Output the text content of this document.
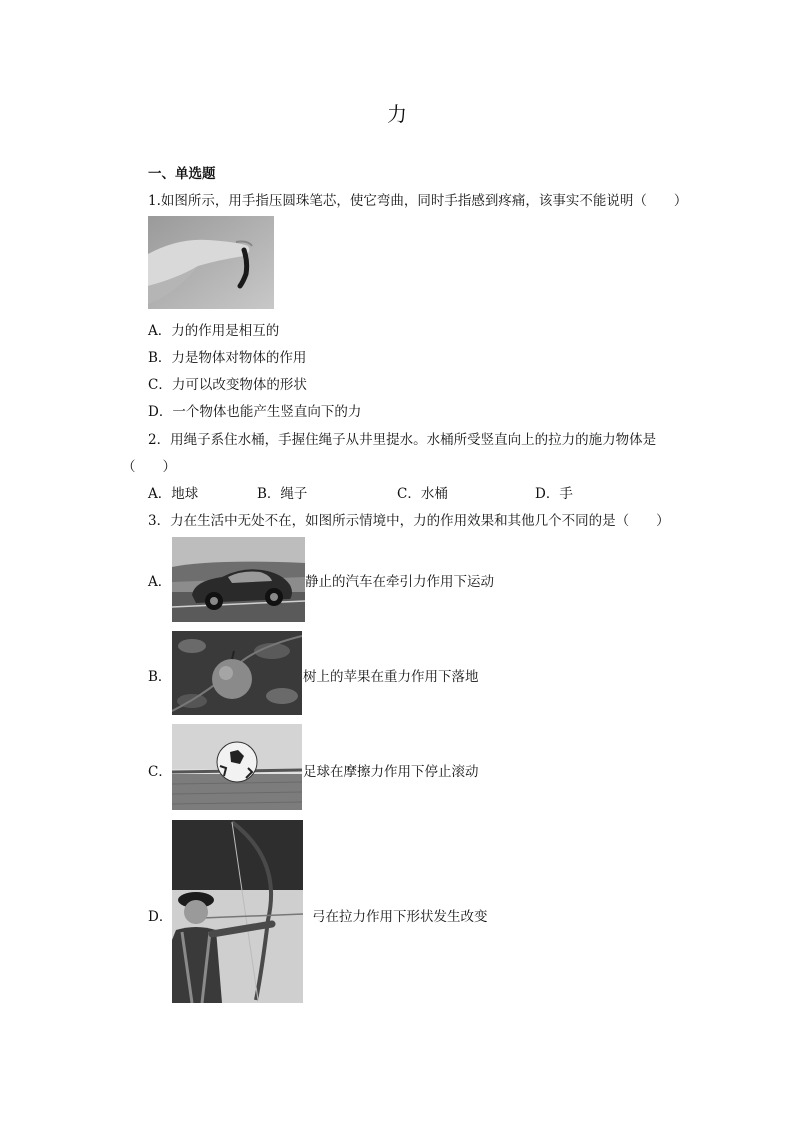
力
一、单选题
1.如图所示，用手指压圆珠笔芯，使它弯曲，同时手指感到疼痛，该事实不能说明（　　）
A．力的作用是相互的
B．力是物体对物体的作用
C．力可以改变物体的形状
D．一个物体也能产生竖直向下的力
2．用绳子系住水桶，手握住绳子从井里提水。水桶所受竖直向上的拉力的施力物体是
（　　）
A．地球	B．绳子	C．水桶	D．手
3．力在生活中无处不在，如图所示情境中，力的作用效果和其他几个不同的是（　　）
A．	静止的汽车在牵引力作用下运动
B．	树上的苹果在重力作用下落地
C．	足球在摩擦力作用下停止滚动
D．	弓在拉力作用下形状发生改变
